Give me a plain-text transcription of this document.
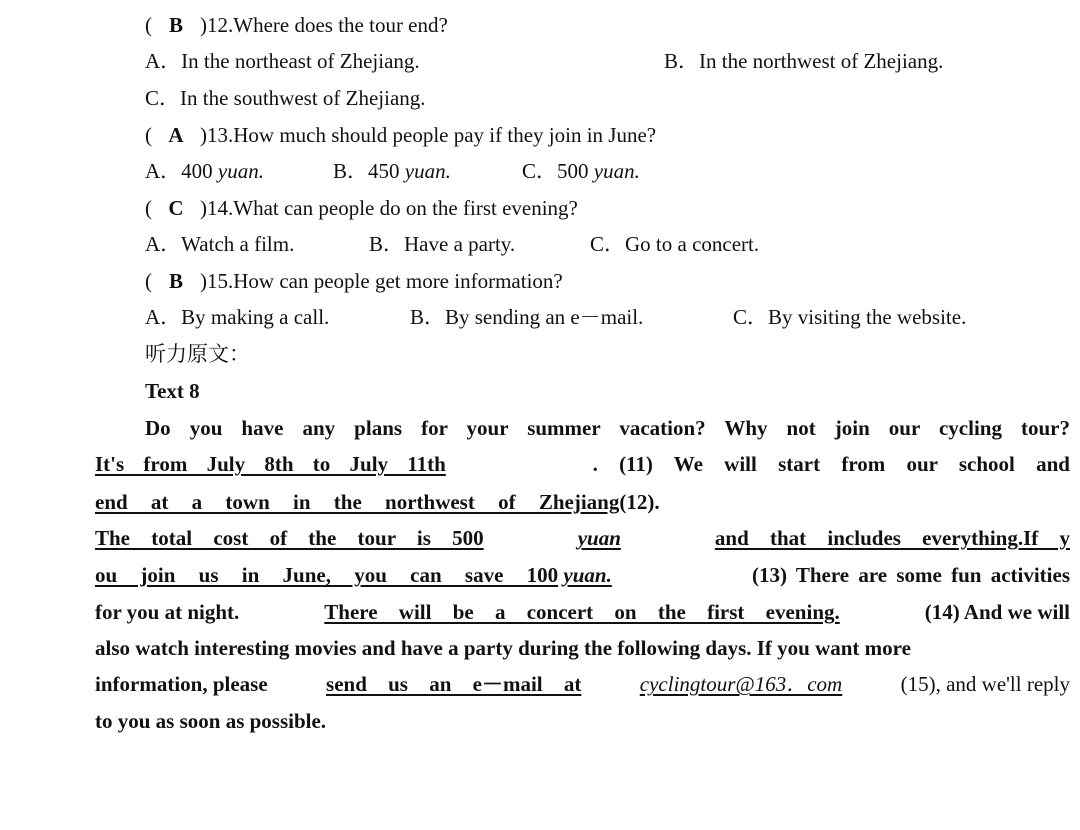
( B )12.Where does the tour end?
A．In the northeast of Zhejiang.	B．In the northwest of Zhejiang.
C．In the southwest of Zhejiang.
( A )13.How much should people pay if they join in June?
A．400 yuan.	B．450 yuan.	C．500 yuan.
( C )14.What can people do on the first evening?
A．Watch a film.	B．Have a party.	C．Go to a concert.
( B )15.How can people get more information?
A．By making a call.	B．By sending an e－mail.	C．By visiting the website.
听力原文：
Text 8
Do you have any plans for your summer vacation? Why not join our cycling tour?
It's from July 8th to July 11th	. (11) We will start from our school and
end at a town in the northwest of Zhejiang(12).
The total cost of the tour is 500	yuan	and that includes everything.If y
ou join us in June, you can save 100 yuan.	(13) There are some fun activities
for you at night.	There will be a concert on the first evening.	(14) And we will
also watch interesting movies and have a party during the following days. If you want more
information, please	send us an e－mail at	cyclingtour@163．com	(15), and we'll reply
to you as soon as possible.
